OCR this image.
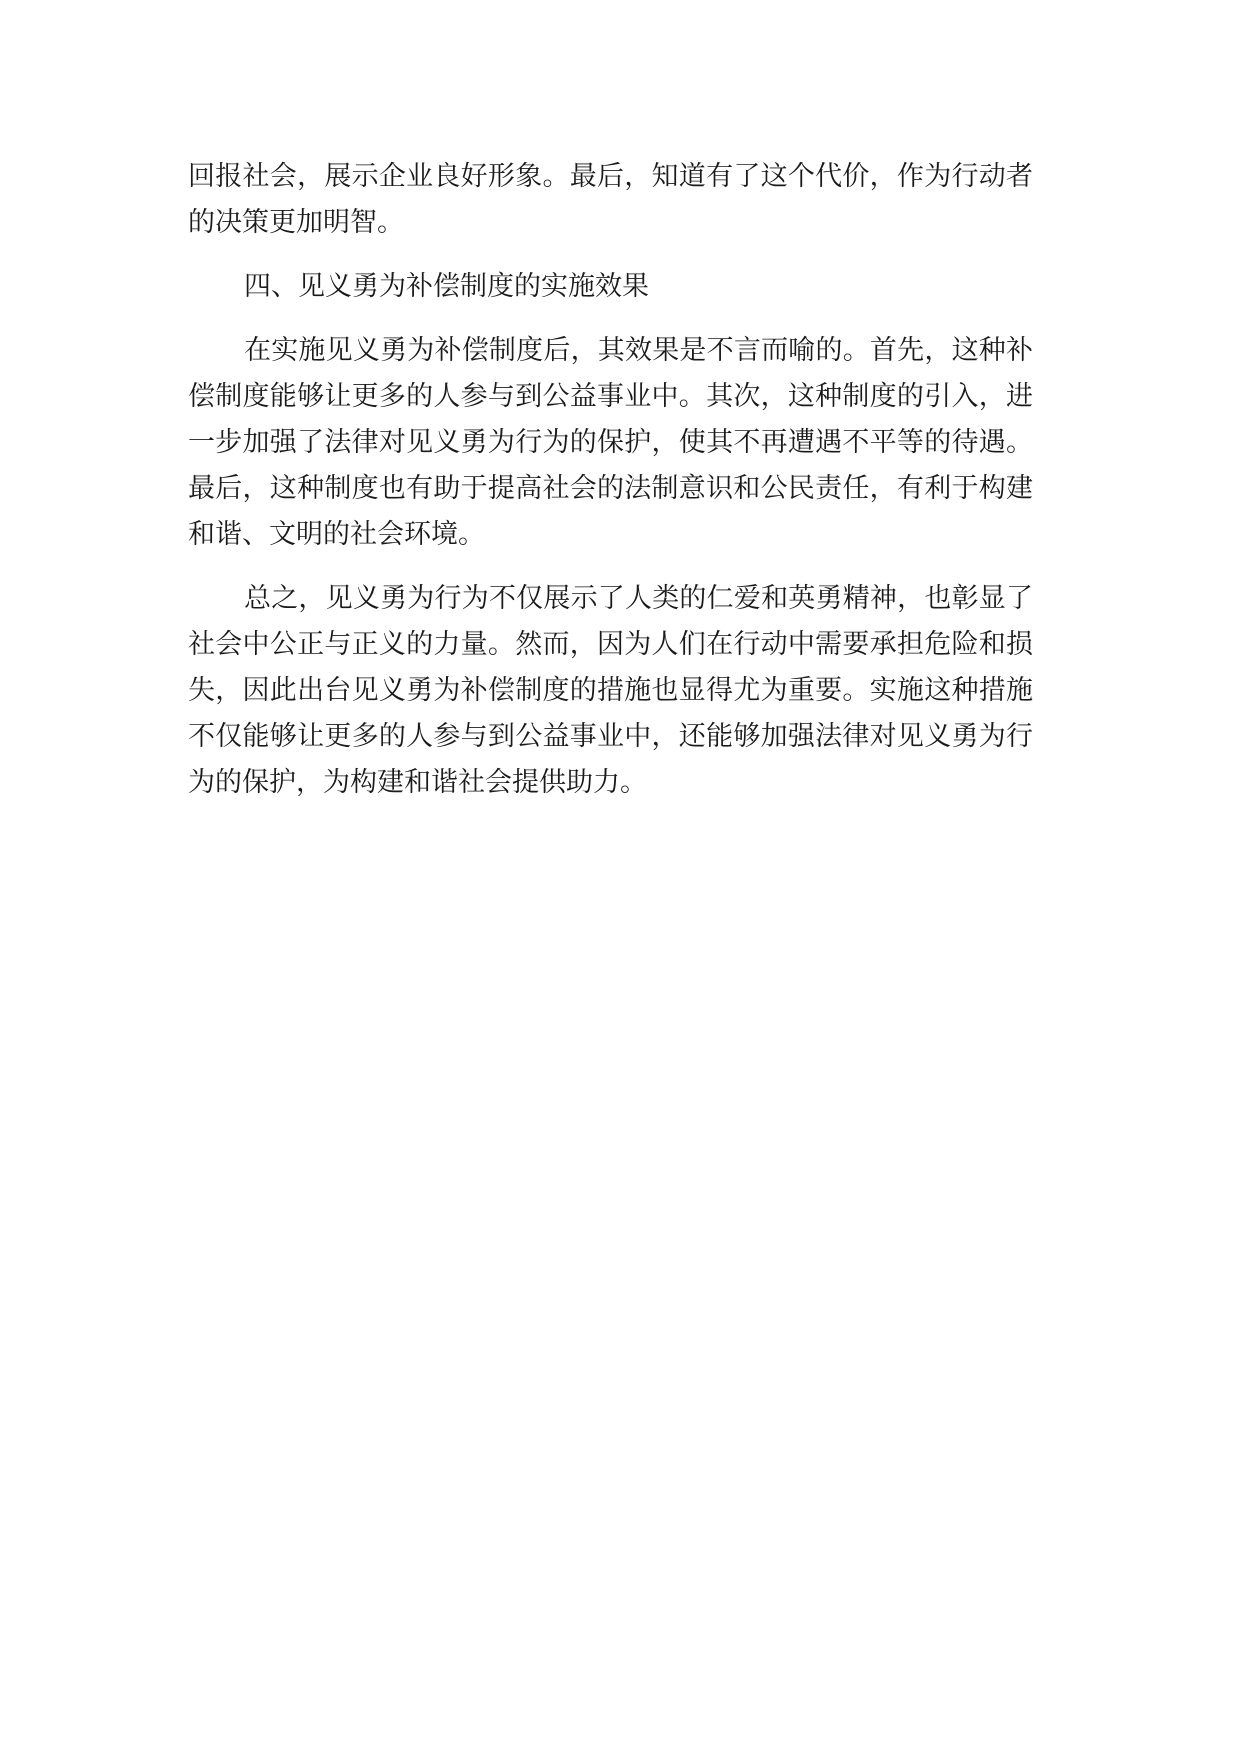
回报社会，展示企业良好形象。最后，知道有了这个代价，作为行动者的决策更加明智。

四、见义勇为补偿制度的实施效果

在实施见义勇为补偿制度后，其效果是不言而喻的。首先，这种补偿制度能够让更多的人参与到公益事业中。其次，这种制度的引入，进一步加强了法律对见义勇为行为的保护，使其不再遭遇不平等的待遇。最后，这种制度也有助于提高社会的法制意识和公民责任，有利于构建和谐、文明的社会环境。

总之，见义勇为行为不仅展示了人类的仁爱和英勇精神，也彰显了社会中公正与正义的力量。然而，因为人们在行动中需要承担危险和损失，因此出台见义勇为补偿制度的措施也显得尤为重要。实施这种措施不仅能够让更多的人参与到公益事业中，还能够加强法律对见义勇为行为的保护，为构建和谐社会提供助力。
